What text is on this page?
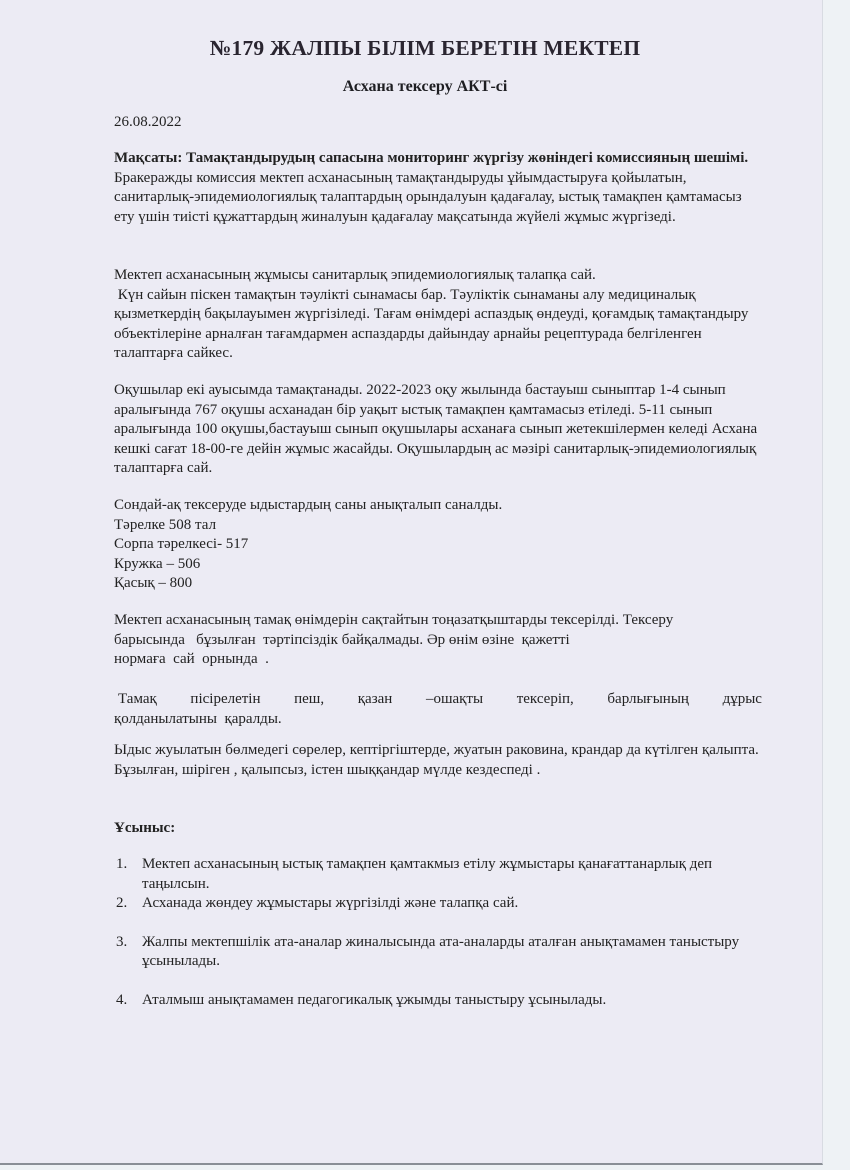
№179 ЖАЛПЫ БІЛІМ БЕРЕТІН МЕКТЕП
Асхана тексеру АКТ-сі
26.08.2022
Мақсаты: Тамақтандырудың сапасына мониторинг жүргізу жөніндегі комиссияның шешімі. Бракеражды комиссия мектеп асханасының тамақтандыруды ұйымдастыруға қойылатын, санитарлық-эпидемиологиялық талаптардың орындалуын қадағалау, ыстық тамақпен қамтамасыз ету үшін тиісті құжаттардың жиналуын қадағалау мақсатында жүйелі жұмыс жүргізеді.
Мектеп асханасының жұмысы санитарлық эпидемиологиялық талапқа сай.
Күн сайын піскен тамақтын тәулікті сынамасы бар. Тәуліктік сынаманы алу медициналық қызметкердің бақылауымен жүргізіледі. Тағам өнімдері аспаздық өндеуді, қоғамдық тамақтандыру объектілеріне арналған тағамдармен аспаздарды дайындау арнайы рецептурада белгіленген талаптарға сайкес.
Оқушылар екі ауысымда тамақтанады. 2022-2023 оқу жылында бастауыш сыныптар 1-4 сынып аралығында 767 оқушы асханадан бір уақыт ыстық тамақпен қамтамасыз етіледі. 5-11 сынып аралығында 100 оқушы,бастауыш сынып оқушылары асханаға сынып жетекшілермен келеді Асхана кешкі сағат 18-00-ге дейін жұмыс жасайды. Оқушылардың ас мәзірі санитарлық-эпидемиологиялық талаптарға сай.
Сондай-ақ тексеруде ыдыстардың саны анықталып саналды.
Тәрелке 508 тал
Сорпа тәрелкесі- 517
Кружка – 506
Қасық – 800
Мектеп асханасының тамақ өнімдерін сақтайтын тоңазатқыштарды тексерілді. Тексеру
барысында   бұзылған  тәртіпсіздік байқалмады. Әр өнім өзіне  қажетті
нормаға  сай  орнында  .
Тамақ пісірелетін пеш, қазан –ошақты тексеріп, барлығының дұрыс
қолданылатыны  қаралды.
Ыдыс жуылатын бөлмедегі сөрелер, кептіргіштерде, жуатын раковина, крандар да күтілген қалыпта. Бұзылған, шіріген , қалыпсыз, істен шыққандар мүлде кездеспеді .
Ұсыныс:
1. Мектеп асханасының ыстық тамақпен қамтакмыз етілу жұмыстары қанағаттанарлық деп таңылсын.
2. Асханада жөндеу жұмыстары жүргізілді және талапқа сай.
3. Жалпы мектепшілік ата-аналар жиналысында ата-аналарды аталған анықтамамен таныстыру ұсынылады.
4. Аталмыш анықтамамен педагогикалық ұжымды таныстыру ұсынылады.
